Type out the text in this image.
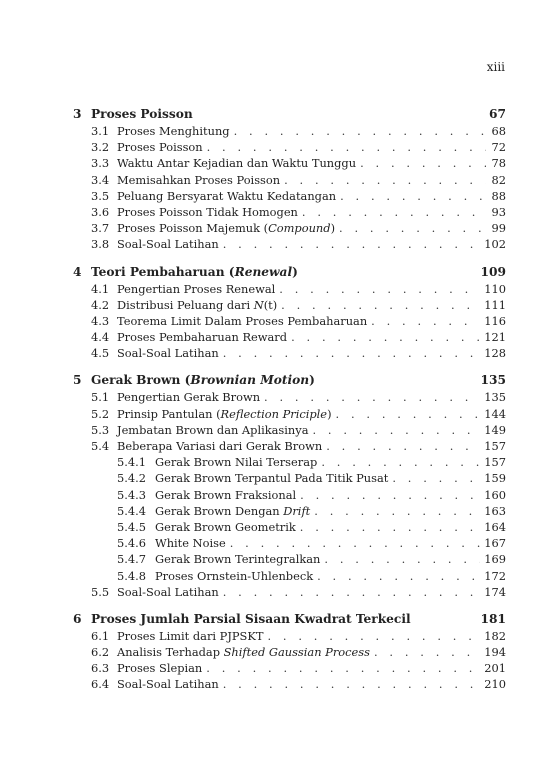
xiii
3 Proses Poisson	67
3.1 Proses Menghitung . . .	68
3.2 Proses Poisson . . .	72
3.3 Waktu Antar Kejadian dan Waktu Tunggu . . .	78
3.4 Memisahkan Proses Poisson . . .	82
3.5 Peluang Bersyarat Waktu Kedatangan . . .	88
3.6 Proses Poisson Tidak Homogen . . .	93
3.7 Proses Poisson Majemuk (Compound) . . .	99
3.8 Soal-Soal Latihan . . .	102
4 Teori Pembaharuan (Renewal)	109
4.1 Pengertian Proses Renewal . . .	110
4.2 Distribusi Peluang dari N(t) . . .	111
4.3 Teorema Limit Dalam Proses Pembaharuan . . .	116
4.4 Proses Pembaharuan Reward . . .	121
4.5 Soal-Soal Latihan . . .	128
5 Gerak Brown (Brownian Motion)	135
5.1 Pengertian Gerak Brown . . .	135
5.2 Prinsip Pantulan (Reflection Priciple) . . .	144
5.3 Jembatan Brown dan Aplikasinya . . .	149
5.4 Beberapa Variasi dari Gerak Brown . . .	157
5.4.1 Gerak Brown Nilai Terserap . . .	157
5.4.2 Gerak Brown Terpantul Pada Titik Pusat . . .	159
5.4.3 Gerak Brown Fraksional . . .	160
5.4.4 Gerak Brown Dengan Drift . . .	163
5.4.5 Gerak Brown Geometrik . . .	164
5.4.6 White Noise . . .	167
5.4.7 Gerak Brown Terintegralkan . . .	169
5.4.8 Proses Ornstein-Uhlenbeck . . .	172
5.5 Soal-Soal Latihan . . .	174
6 Proses Jumlah Parsial Sisaan Kwadrat Terkecil	181
6.1 Proses Limit dari PJPSKT . . .	182
6.2 Analisis Terhadap Shifted Gaussian Process . . .	194
6.3 Proses Slepian . . .	201
6.4 Soal-Soal Latihan . . .	210
